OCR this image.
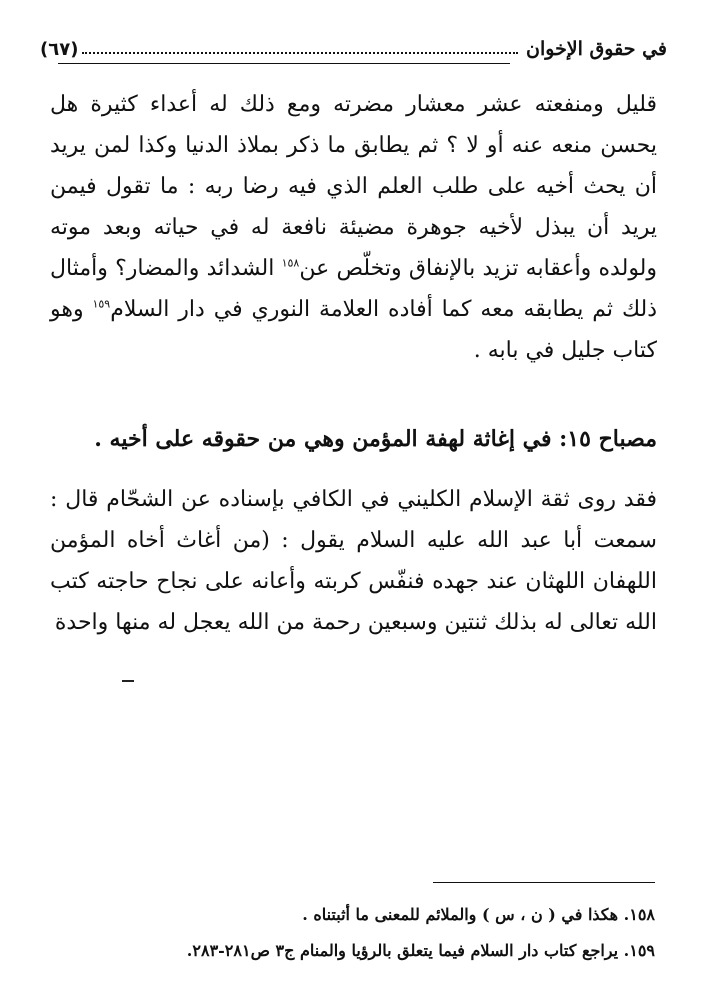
في حقوق الإخوان
(٦٧)

قليل ومنفعته عشر معشار مضرته ومع ذلك له أعداء كثيرة هل يحسن منعه عنه أو لا ؟ ثم يطابق ما ذكر بملاذ الدنيا وكذا لمن يريد أن يحث أخيه على طلب العلم الذي فيه رضا ربه : ما تقول فيمن يريد أن يبذل لأخيه جوهرة مضيئة نافعة له في حياته وبعد موته ولولده وأعقابه تزيد بالإنفاق وتخلّص عن$^{١٥٨}$ الشدائد والمضار؟ وأمثال ذلك ثم يطابقه معه كما أفاده العلامة النوري في دار السلام$^{١٥٩}$ وهو كتاب جليل في بابه .

مصباح ١٥: في إغاثة لهفة المؤمن وهي من حقوقه على أخيه .

فقد روى ثقة الإسلام الكليني في الكافي بإسناده عن الشحّام قال : سمعت أبا عبد الله عليه السلام يقول : (من أغاث أخاه المؤمن اللهفان اللهثان عند جهده فنفّس كربته وأعانه على نجاح حاجته كتب الله تعالى له بذلك ثنتين وسبعين رحمة من الله يعجل له منها واحدة

١٥٨. هكذا في ( ن ، س ) والملائم للمعنى ما أثبتناه .

١٥٩. يراجع كتاب دار السلام فيما يتعلق بالرؤيا والمنام ج٣ ص٢٨١-٢٨٣.
